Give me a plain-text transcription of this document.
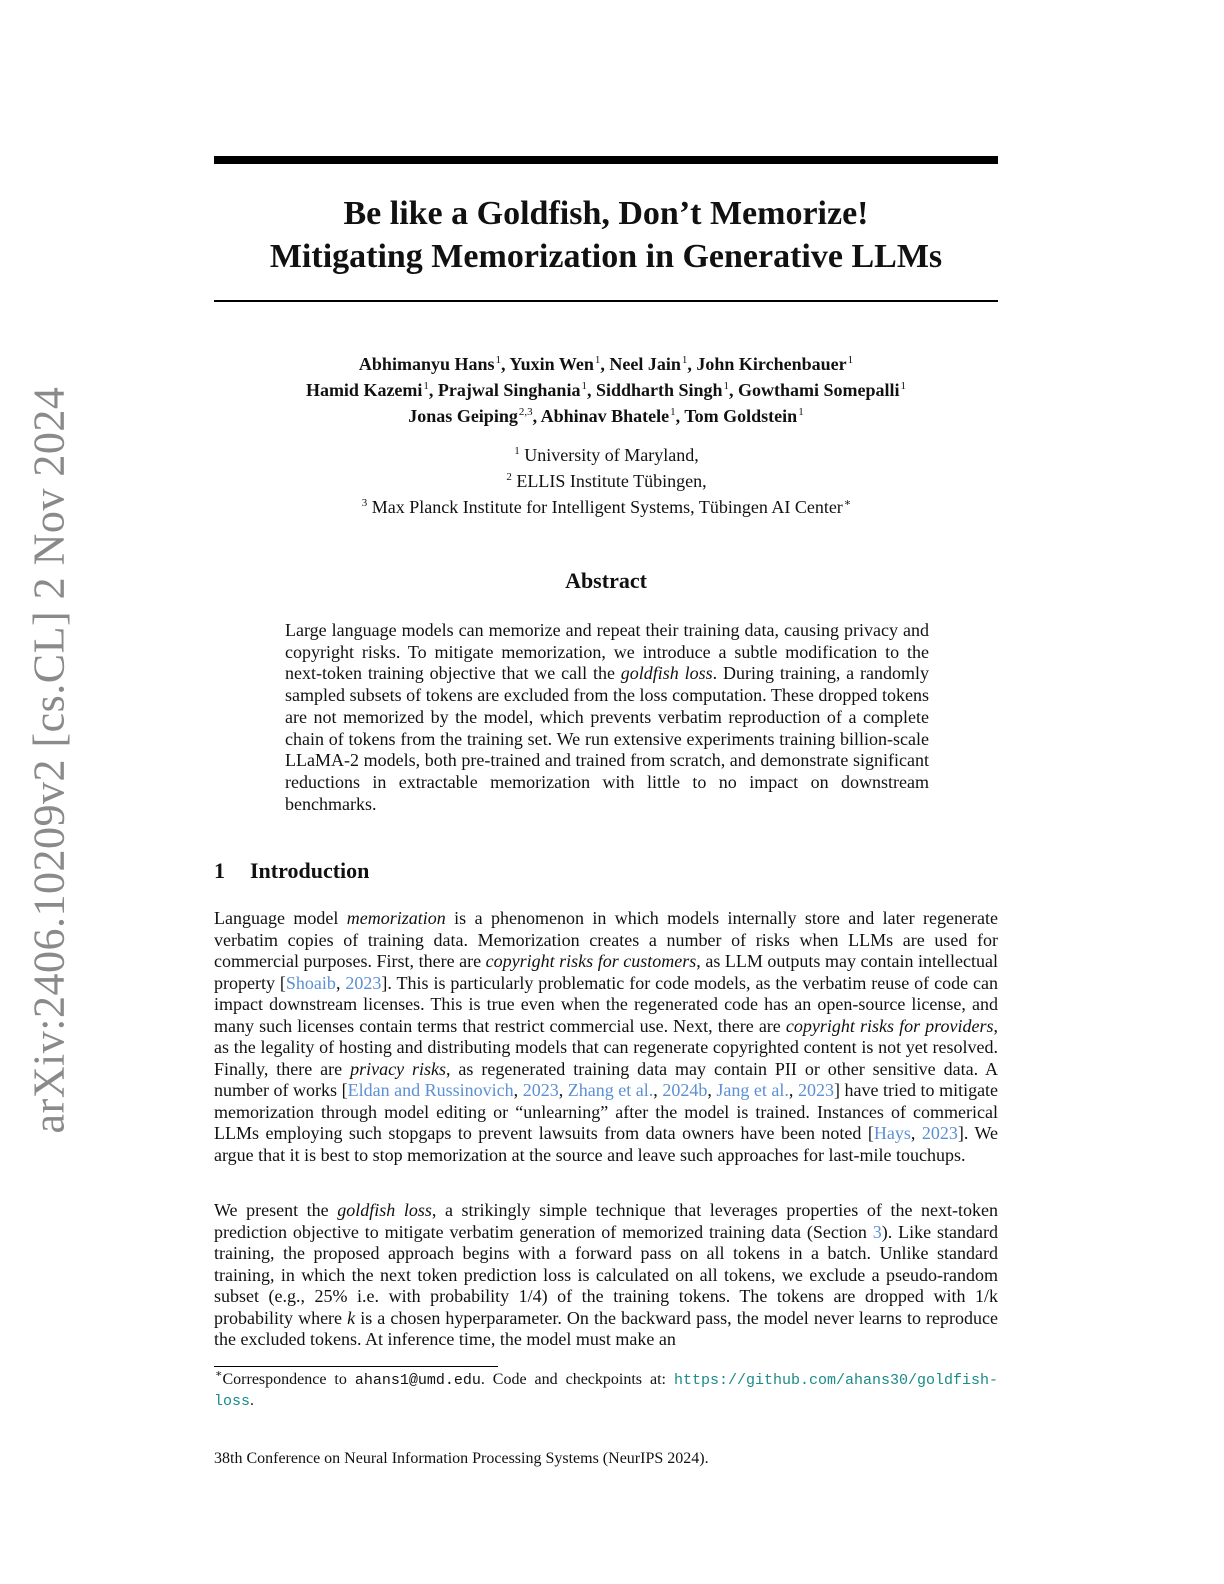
arXiv:2406.10209v2 [cs.CL] 2 Nov 2024
Be like a Goldfish, Don’t Memorize!
Mitigating Memorization in Generative LLMs
Abhimanyu Hans$^1$, Yuxin Wen$^1$, Neel Jain$^1$, John Kirchenbauer$^1$
Hamid Kazemi$^1$, Prajwal Singhania$^1$, Siddharth Singh$^1$, Gowthami Somepalli$^1$
Jonas Geiping$^{2,3}$, Abhinav Bhatele$^1$, Tom Goldstein$^1$
$^1$ University of Maryland,
$^2$ ELLIS Institute Tübingen,
$^3$ Max Planck Institute for Intelligent Systems, Tübingen AI Center∗
Abstract
Large language models can memorize and repeat their training data, causing privacy and copyright risks. To mitigate memorization, we introduce a subtle modification to the next-token training objective that we call the goldfish loss. During training, a randomly sampled subsets of tokens are excluded from the loss computation. These dropped tokens are not memorized by the model, which prevents verbatim reproduction of a complete chain of tokens from the training set. We run extensive experiments training billion-scale LLaMA-2 models, both pre-trained and trained from scratch, and demonstrate significant reductions in extractable memorization with little to no impact on downstream benchmarks.
1 Introduction
Language model memorization is a phenomenon in which models internally store and later regenerate verbatim copies of training data. Memorization creates a number of risks when LLMs are used for commercial purposes. First, there are copyright risks for customers, as LLM outputs may contain intellectual property [Shoaib, 2023]. This is particularly problematic for code models, as the verbatim reuse of code can impact downstream licenses. This is true even when the regenerated code has an open-source license, and many such licenses contain terms that restrict commercial use. Next, there are copyright risks for providers, as the legality of hosting and distributing models that can regenerate copyrighted content is not yet resolved. Finally, there are privacy risks, as regenerated training data may contain PII or other sensitive data. A number of works [Eldan and Russinovich, 2023, Zhang et al., 2024b, Jang et al., 2023] have tried to mitigate memorization through model editing or “unlearning” after the model is trained. Instances of commerical LLMs employing such stopgaps to prevent lawsuits from data owners have been noted [Hays, 2023]. We argue that it is best to stop memorization at the source and leave such approaches for last-mile touchups.
We present the goldfish loss, a strikingly simple technique that leverages properties of the next-token prediction objective to mitigate verbatim generation of memorized training data (Section 3). Like standard training, the proposed approach begins with a forward pass on all tokens in a batch. Unlike standard training, in which the next token prediction loss is calculated on all tokens, we exclude a pseudo-random subset (e.g., 25% i.e. with probability 1/4) of the training tokens. The tokens are dropped with 1/k probability where k is a chosen hyperparameter. On the backward pass, the model never learns to reproduce the excluded tokens. At inference time, the model must make an
∗Correspondence to ahans1@umd.edu. Code and checkpoints at: https://github.com/ahans30/goldfish-loss.
38th Conference on Neural Information Processing Systems (NeurIPS 2024).
